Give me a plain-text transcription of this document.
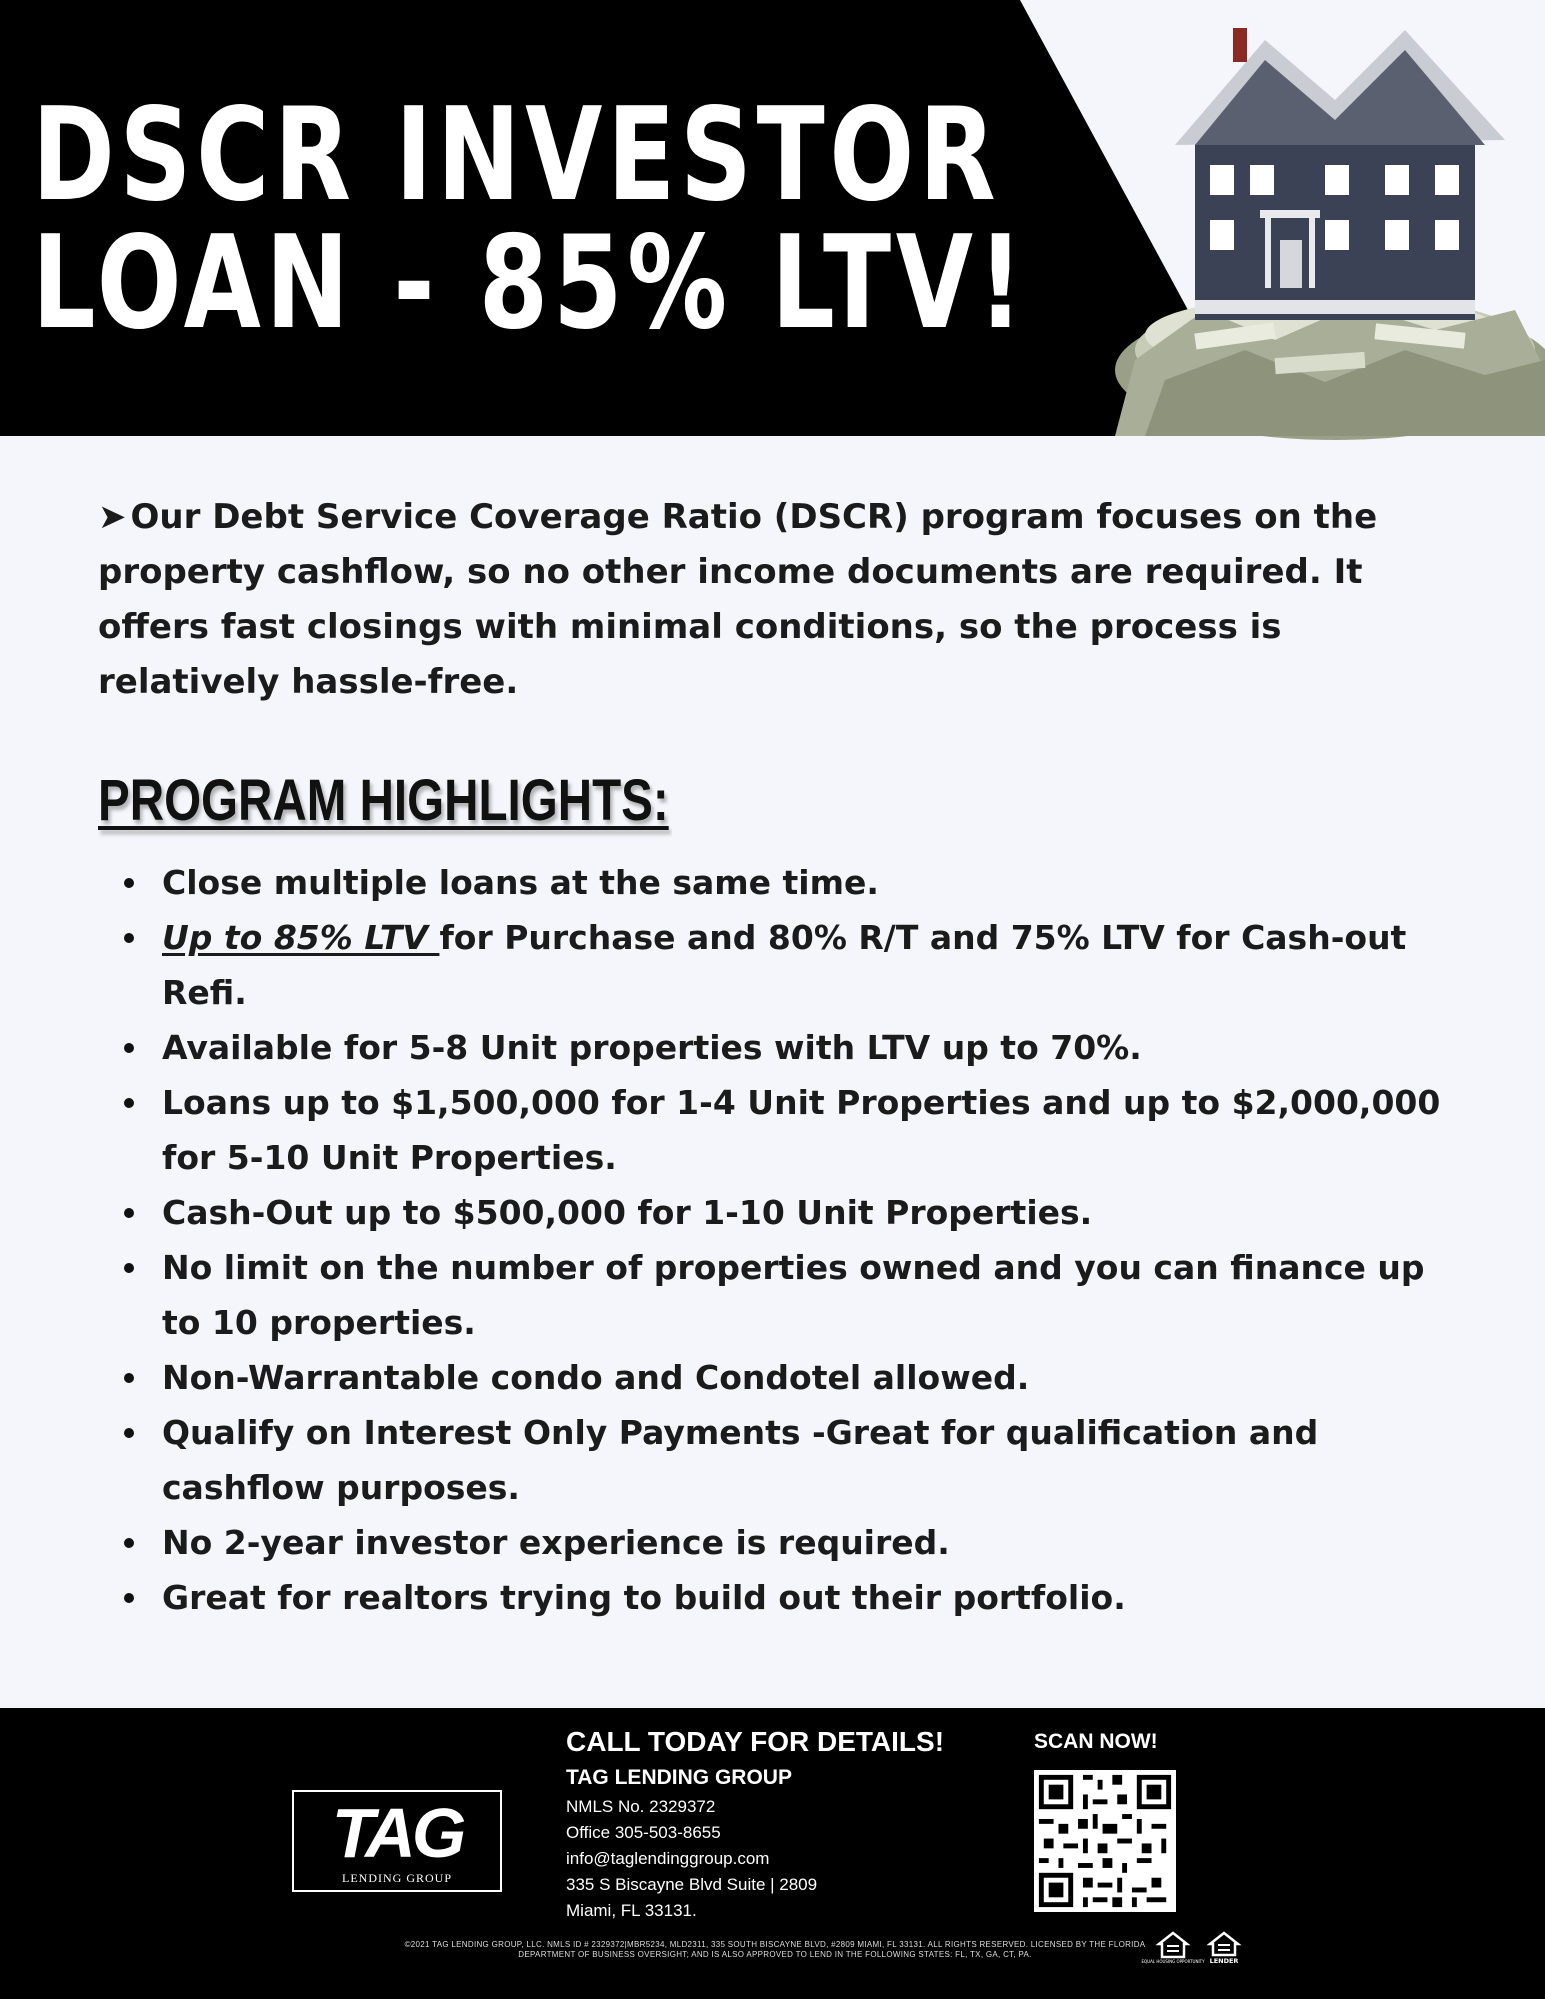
DSCR INVESTOR
LOAN - 85% LTV!
➤ Our Debt Service Coverage Ratio (DSCR) program focuses on the property cashflow, so no other income documents are required. It offers fast closings with minimal conditions, so the process is relatively hassle-free.
PROGRAM HIGHLIGHTS:
Close multiple loans at the same time.
Up to 85% LTV for Purchase and 80% R/T and 75% LTV for Cash-out Refi.
Available for 5-8 Unit properties with LTV up to 70%.
Loans up to $1,500,000 for 1-4 Unit Properties and up to $2,000,000 for 5-10 Unit Properties.
Cash-Out up to $500,000 for 1-10 Unit Properties.
No limit on the number of properties owned and you can finance up to 10 properties.
Non-Warrantable condo and Condotel allowed.
Qualify on Interest Only Payments -Great for qualification and cashflow purposes.
No 2-year investor experience is required.
Great for realtors trying to build out their portfolio.
TAG
LENDING GROUP
CALL TODAY FOR DETAILS!
TAG LENDING GROUP
NMLS No. 2329372
Office 305-503-8655
info@taglendinggroup.com
335 S Biscayne Blvd Suite | 2809
Miami, FL 33131.
SCAN NOW!
©2021 TAG LENDING GROUP, LLC. NMLS ID # 2329372|MBR5234, MLD2311, 335 SOUTH BISCAYNE BLVD, #2809 MIAMI, FL 33131. ALL RIGHTS RESERVED. LICENSED BY THE FLORIDA DEPARTMENT OF BUSINESS OVERSIGHT; AND IS ALSO APPROVED TO LEND IN THE FOLLOWING STATES: FL, TX, GA, CT, PA.
EQUAL HOUSING OPPORTUNITY LENDER
